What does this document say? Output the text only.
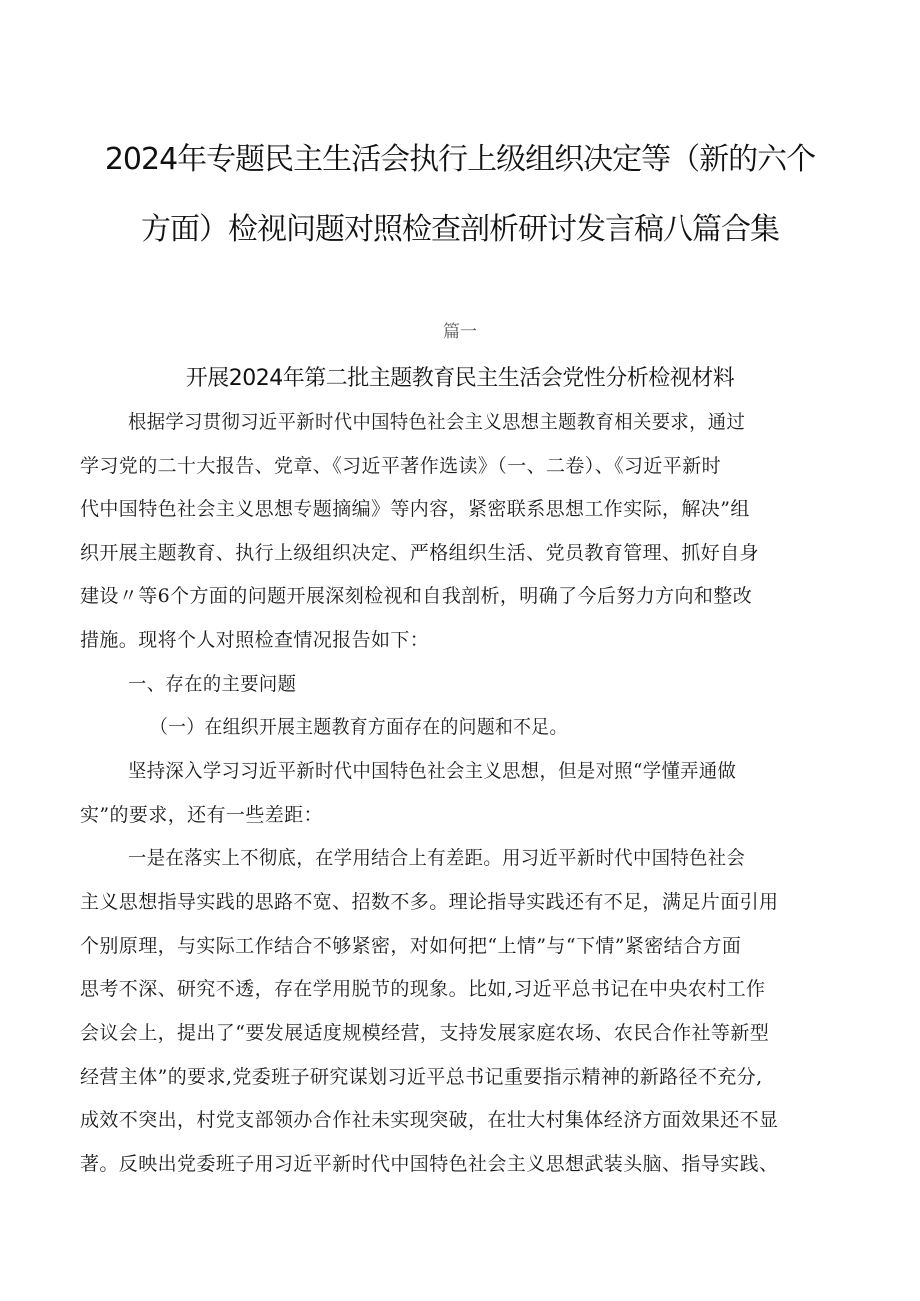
2024年专题民主生活会执行上级组织决定等（新的六个
方面）检视问题对照检查剖析研讨发言稿八篇合集
篇一
开展2024年第二批主题教育民主生活会党性分析检视材料
根据学习贯彻习近平新时代中国特色社会主义思想主题教育相关要求，通过
学习党的二十大报告、党章、《习近平著作选读》（一、二卷）、《习近平新时
代中国特色社会主义思想专题摘编》等内容，紧密联系思想工作实际，解决”组
织开展主题教育、执行上级组织决定、严格组织生活、党员教育管理、抓好自身
建设〃等6个方面的问题开展深刻检视和自我剖析，明确了今后努力方向和整改
措施。现将个人对照检查情况报告如下：
一、存在的主要问题
（一）在组织开展主题教育方面存在的问题和不足。
坚持深入学习习近平新时代中国特色社会主义思想，但是对照“学懂弄通做
实”的要求，还有一些差距：
一是在落实上不彻底，在学用结合上有差距。用习近平新时代中国特色社会
主义思想指导实践的思路不宽、招数不多。理论指导实践还有不足，满足片面引用
个别原理，与实际工作结合不够紧密，对如何把“上情”与“下情”紧密结合方面
思考不深、研究不透，存在学用脱节的现象。比如,习近平总书记在中央农村工作
会议会上，提出了“要发展适度规模经营，支持发展家庭农场、农民合作社等新型
经营主体”的要求,党委班子研究谋划习近平总书记重要指示精神的新路径不充分,
成效不突出，村党支部领办合作社未实现突破，在壮大村集体经济方面效果还不显
著。反映出党委班子用习近平新时代中国特色社会主义思想武装头脑、指导实践、
